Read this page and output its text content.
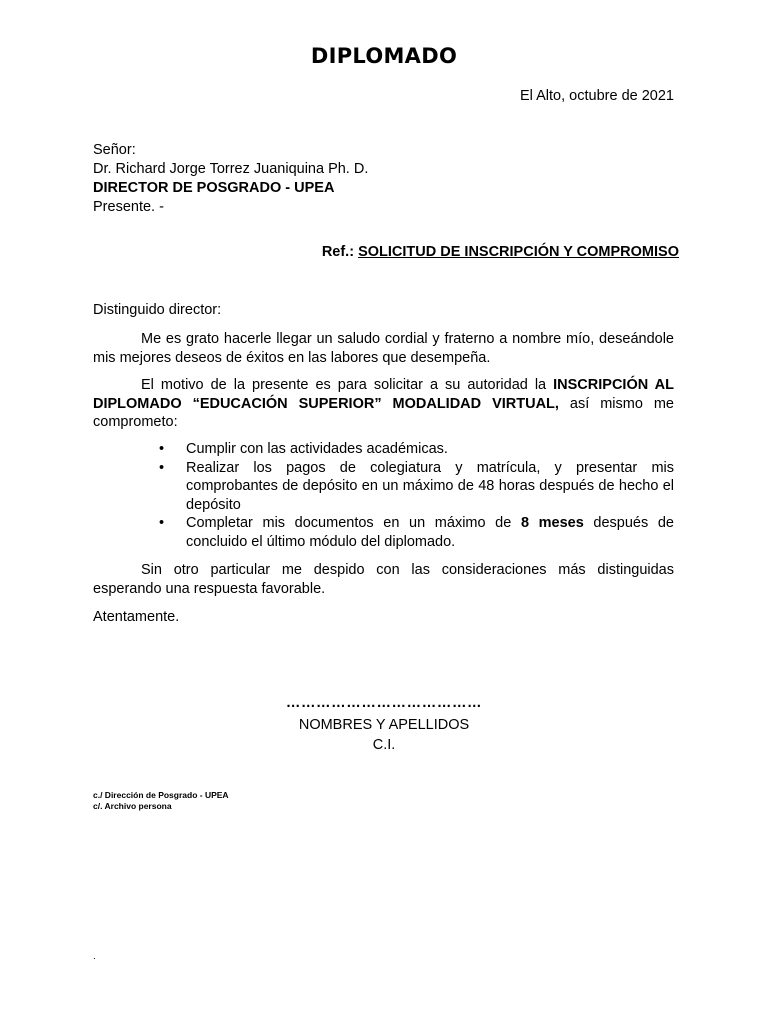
DIPLOMADO
El Alto, octubre de 2021
Señor:
Dr. Richard Jorge Torrez Juaniquina Ph. D.
DIRECTOR DE POSGRADO - UPEA
Presente. -
Ref.: SOLICITUD DE INSCRIPCIÓN Y COMPROMISO
Distinguido director:
Me es grato hacerle llegar un saludo cordial y fraterno a nombre mío, deseándole mis mejores deseos de éxitos en las labores que desempeña.
El motivo de la presente es para solicitar a su autoridad la INSCRIPCIÓN AL DIPLOMADO “EDUCACIÓN SUPERIOR” MODALIDAD VIRTUAL, así mismo me comprometo:
• Cumplir con las actividades académicas.
• Realizar los pagos de colegiatura y matrícula, y presentar mis comprobantes de depósito en un máximo de 48 horas después de hecho el depósito
• Completar mis documentos en un máximo de 8 meses después de concluido el último módulo del diplomado.
Sin otro particular me despido con las consideraciones más distinguidas esperando una respuesta favorable.
Atentamente.
…………………………………
NOMBRES Y APELLIDOS
C.I.
c./ Dirección de Posgrado - UPEA
c/. Archivo persona
.
